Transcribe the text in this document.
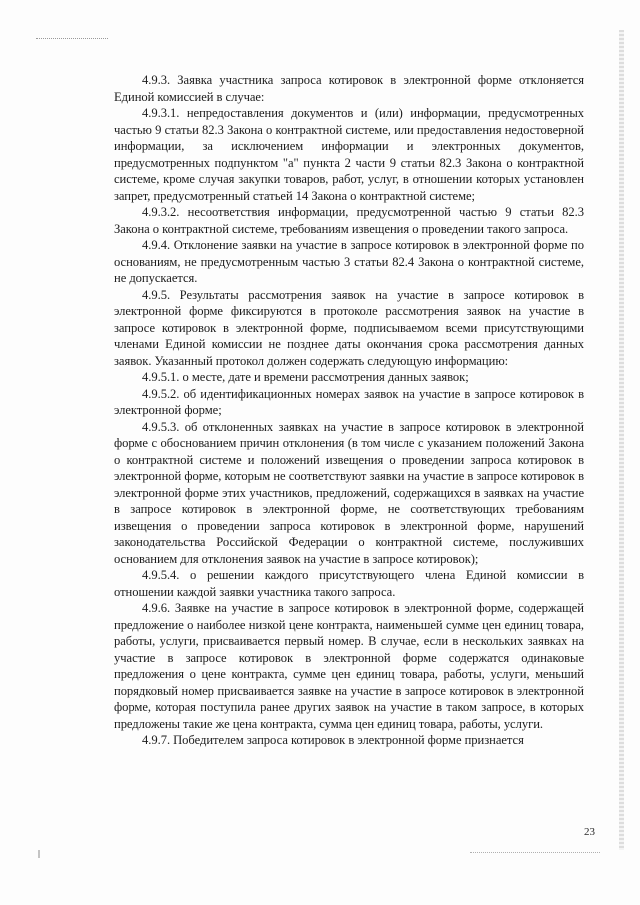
4.9.3. Заявка участника запроса котировок в электронной форме отклоняется Единой комиссией в случае:

4.9.3.1. непредоставления документов и (или) информации, предусмотренных частью 9 статьи 82.3 Закона о контрактной системе, или предоставления недостоверной информации, за исключением информации и электронных документов, предусмотренных подпунктом "а" пункта 2 части 9 статьи 82.3 Закона о контрактной системе, кроме случая закупки товаров, работ, услуг, в отношении которых установлен запрет, предусмотренный статьей 14 Закона о контрактной системе;

4.9.3.2. несоответствия информации, предусмотренной частью 9 статьи 82.3 Закона о контрактной системе, требованиям извещения о проведении такого запроса.

4.9.4. Отклонение заявки на участие в запросе котировок в электронной форме по основаниям, не предусмотренным частью 3 статьи 82.4 Закона о контрактной системе, не допускается.

4.9.5. Результаты рассмотрения заявок на участие в запросе котировок в электронной форме фиксируются в протоколе рассмотрения заявок на участие в запросе котировок в электронной форме, подписываемом всеми присутствующими членами Единой комиссии не позднее даты окончания срока рассмотрения данных заявок. Указанный протокол должен содержать следующую информацию:

4.9.5.1. о месте, дате и времени рассмотрения данных заявок;

4.9.5.2. об идентификационных номерах заявок на участие в запросе котировок в электронной форме;

4.9.5.3. об отклоненных заявках на участие в запросе котировок в электронной форме с обоснованием причин отклонения (в том числе с указанием положений Закона о контрактной системе и положений извещения о проведении запроса котировок в электронной форме, которым не соответствуют заявки на участие в запросе котировок в электронной форме этих участников, предложений, содержащихся в заявках на участие в запросе котировок в электронной форме, не соответствующих требованиям извещения о проведении запроса котировок в электронной форме, нарушений законодательства Российской Федерации о контрактной системе, послуживших основанием для отклонения заявок на участие в запросе котировок);

4.9.5.4. о решении каждого присутствующего члена Единой комиссии в отношении каждой заявки участника такого запроса.

4.9.6. Заявке на участие в запросе котировок в электронной форме, содержащей предложение о наиболее низкой цене контракта, наименьшей сумме цен единиц товара, работы, услуги, присваивается первый номер. В случае, если в нескольких заявках на участие в запросе котировок в электронной форме содержатся одинаковые предложения о цене контракта, сумме цен единиц товара, работы, услуги, меньший порядковый номер присваивается заявке на участие в запросе котировок в электронной форме, которая поступила ранее других заявок на участие в таком запросе, в которых предложены такие же цена контракта, сумма цен единиц товара, работы, услуги.

4.9.7. Победителем запроса котировок в электронной форме признается

23
